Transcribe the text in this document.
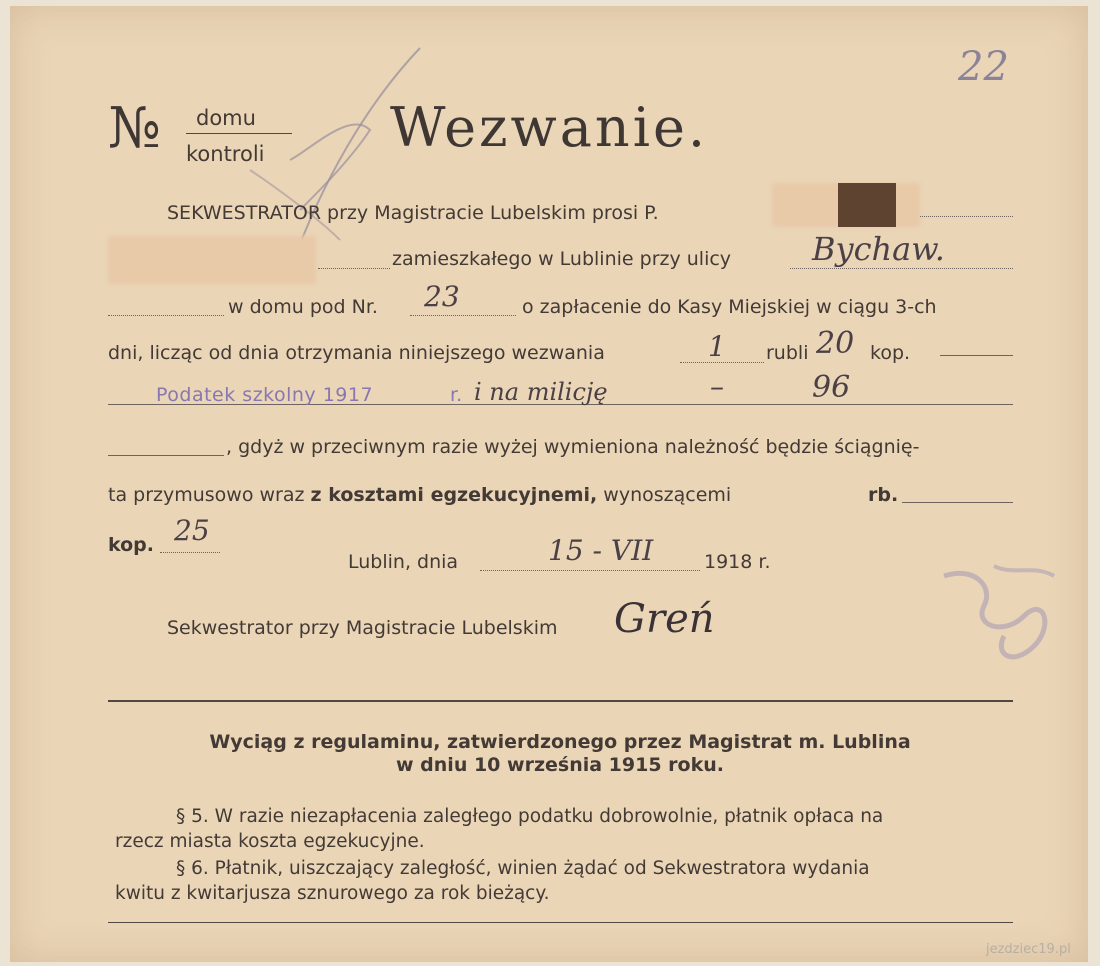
№ domu
kontroli Wezwanie.
22
SEKWESTRATOR przy Magistracie Lubelskim prosi P.
zamieszkałego w Lublinie przy ulicy	Bychaw.
w domu pod Nr. 23	o zapłacenie do Kasy Miejskiej w ciągu 3-ch
dni, licząc od dnia otrzymania niniejszego wezwania	1 rubli 20 kop.
Podatek szkolny 1917	r. i na milicję	–	96
, gdyż w przeciwnym razie wyżej wymieniona należność będzie ściągnię-
ta przymusowo wraz z kosztami egzekucyjnemi, wynoszącemi	rb.
kop. 25
Lublin, dnia	15 - VII	1918 r.
Sekwestrator przy Magistracie Lubelskim Greń
Wyciąg z regulaminu, zatwierdzonego przez Magistrat m. Lublina
w dniu 10 września 1915 roku.
§ 5. W razie niezapłacenia zaległego podatku dobrowolnie, płatnik opłaca na
rzecz miasta koszta egzekucyjne.
§ 6. Płatnik, uiszczający zaległość, winien żądać od Sekwestratora wydania
kwitu z kwitarjusza sznurowego za rok bieżący.
jezdziec19.pl
